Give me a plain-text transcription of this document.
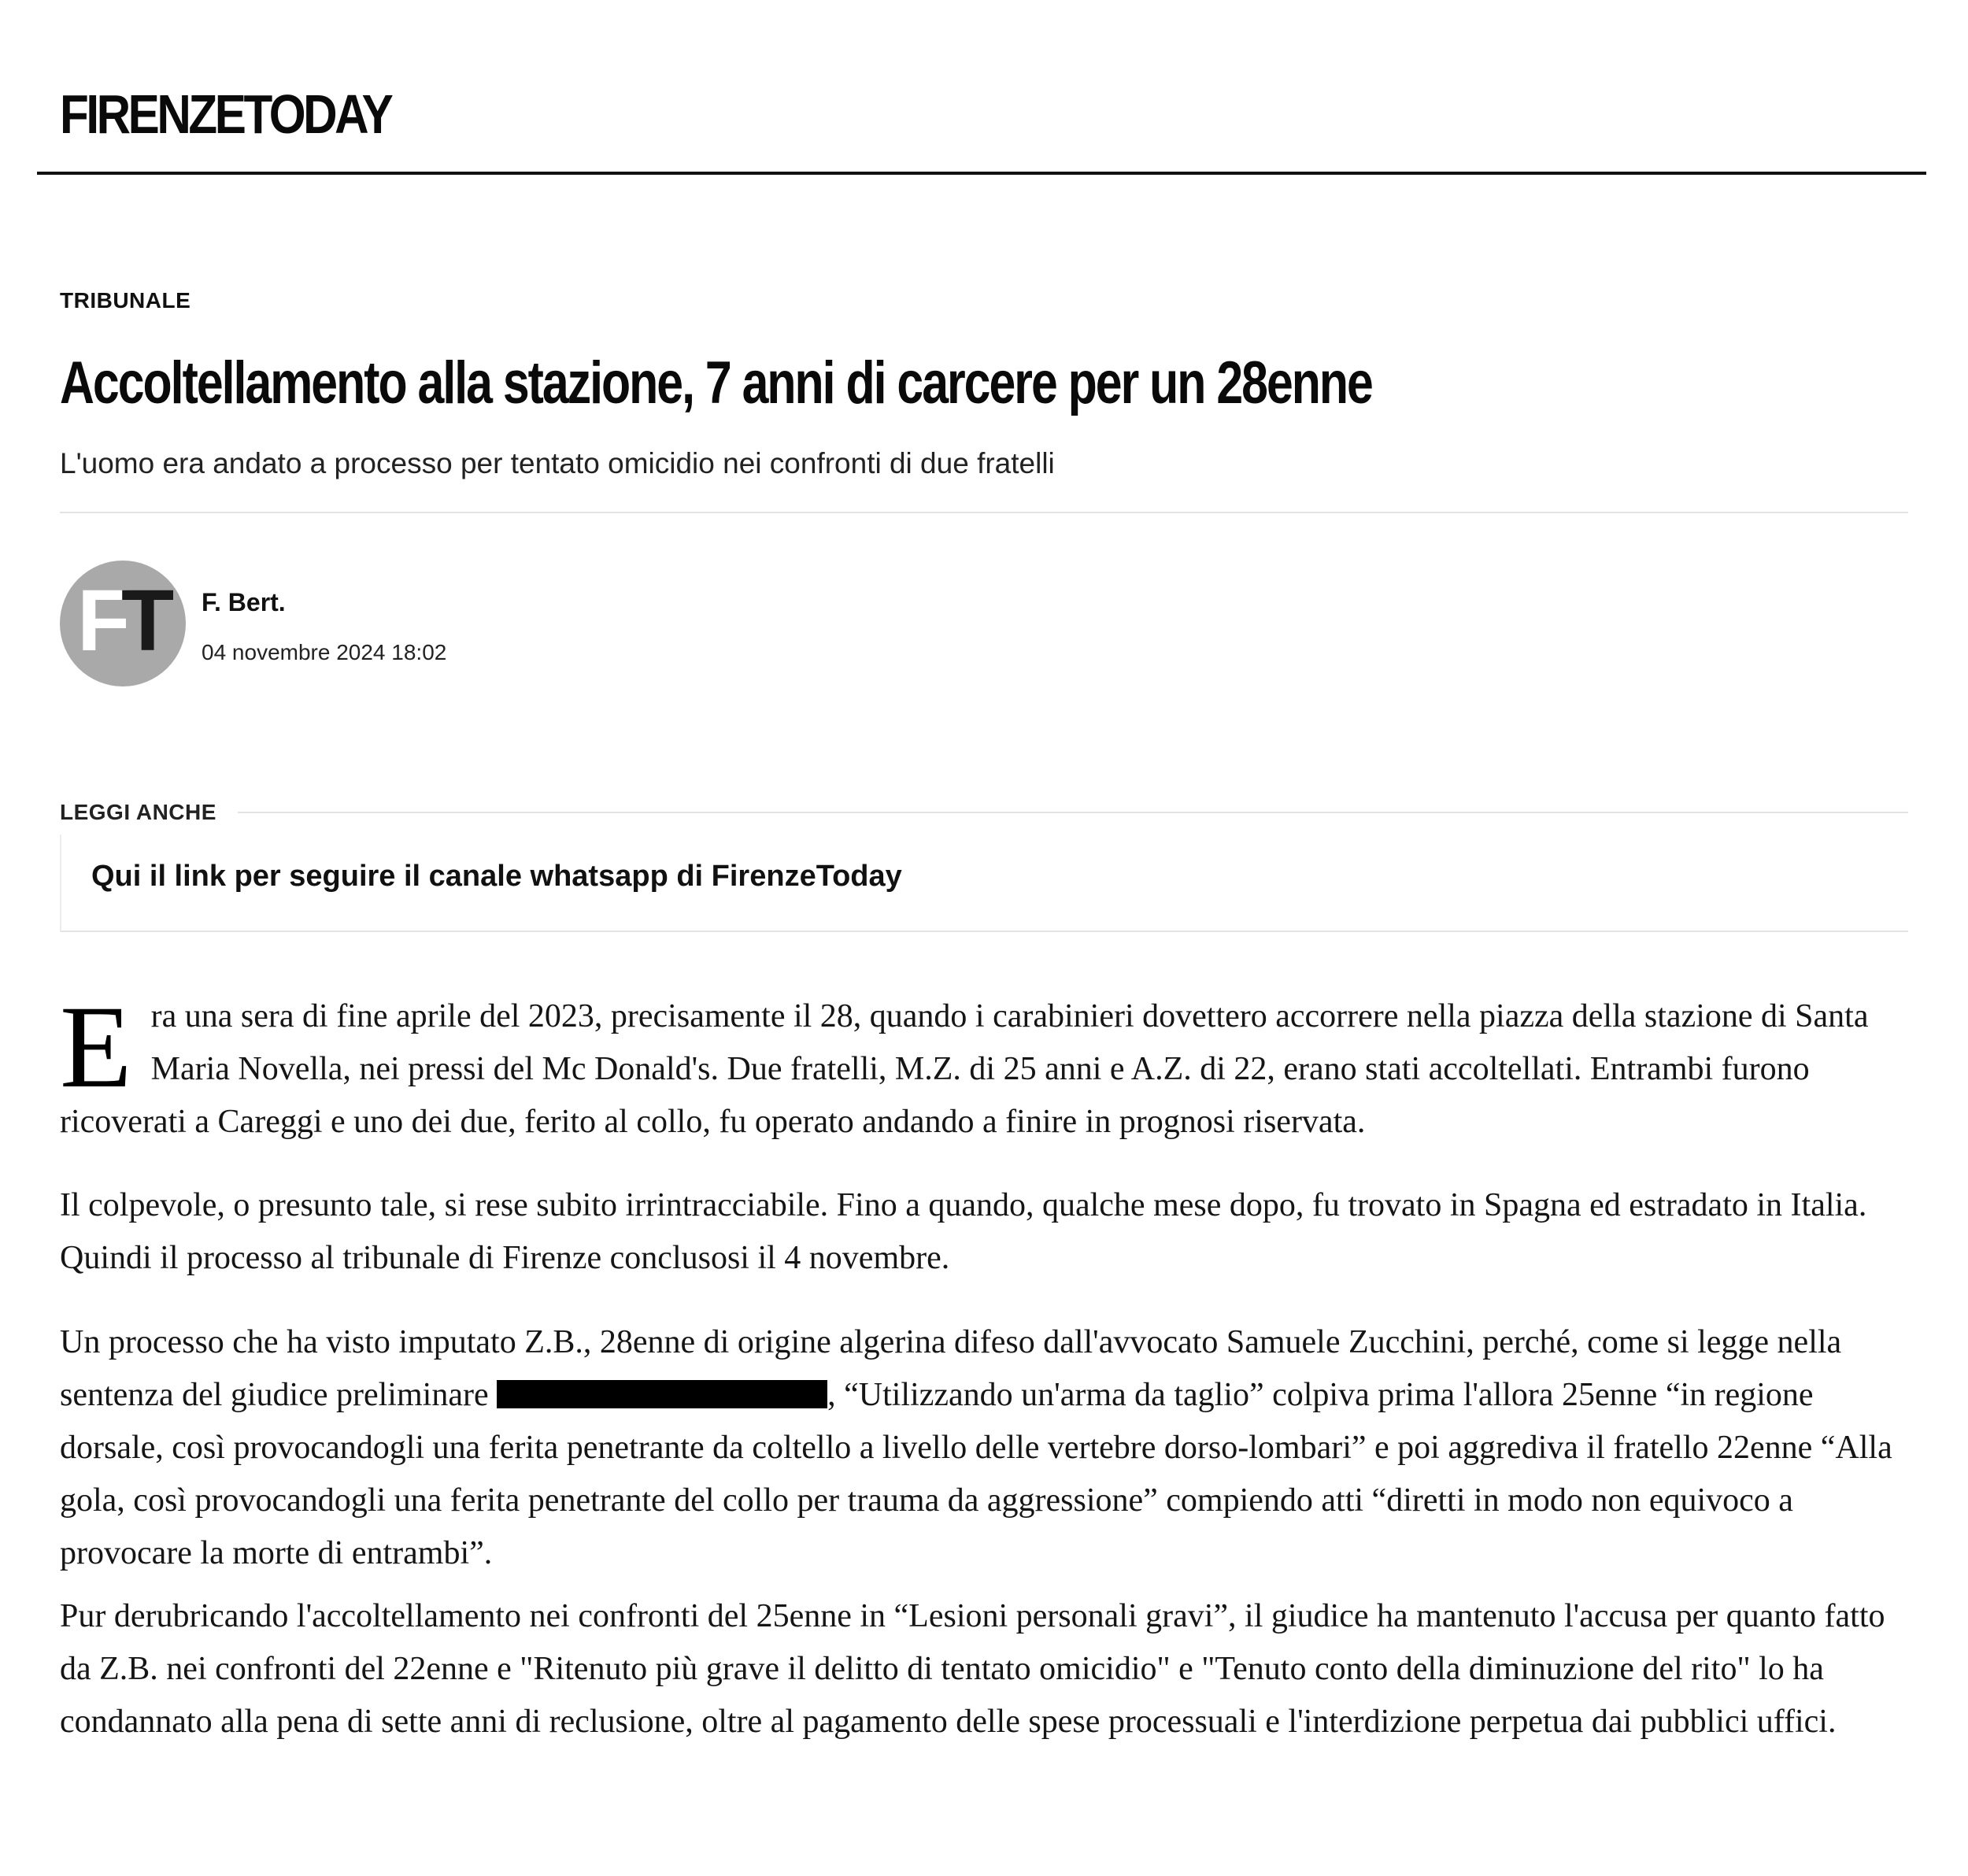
FIRENZETODAY
TRIBUNALE
Accoltellamento alla stazione, 7 anni di carcere per un 28enne
L'uomo era andato a processo per tentato omicidio nei confronti di due fratelli
F
T F. Bert.
04 novembre 2024 18:02
LEGGI ANCHE
Qui il link per seguire il canale whatsapp di FirenzeToday

Era una sera di fine aprile del 2023, precisamente il 28, quando i carabinieri dovettero accorrere nella piazza della stazione di Santa Maria Novella, nei pressi del Mc Donald's. Due fratelli, M.Z. di 25 anni e A.Z. di 22, erano stati accoltellati. Entrambi furono ricoverati a Careggi e uno dei due, ferito al collo, fu operato andando a finire in prognosi riservata.

Il colpevole, o presunto tale, si rese subito irrintracciabile. Fino a quando, qualche mese dopo, fu trovato in Spagna ed estradato in Italia. Quindi il processo al tribunale di Firenze conclusosi il 4 novembre.

Un processo che ha visto imputato Z.B., 28enne di origine algerina difeso dall'avvocato Samuele Zucchini, perché, come si legge nella sentenza del giudice preliminare	, “Utilizzando un'arma da taglio” colpiva prima l'allora 25enne “in regione dorsale, così provocandogli una ferita penetrante da coltello a livello delle vertebre dorso-lombari” e poi aggrediva il fratello 22enne “Alla gola, così provocandogli una ferita penetrante del collo per trauma da aggressione” compiendo atti “diretti in modo non equivoco a provocare la morte di entrambi”.

Pur derubricando l'accoltellamento nei confronti del 25enne in “Lesioni personali gravi”, il giudice ha mantenuto l'accusa per quanto fatto da Z.B. nei confronti del 22enne e "Ritenuto più grave il delitto di tentato omicidio" e "Tenuto conto della diminuzione del rito" lo ha condannato alla pena di sette anni di reclusione, oltre al pagamento delle spese processuali e l'interdizione perpetua dai pubblici uffici.
